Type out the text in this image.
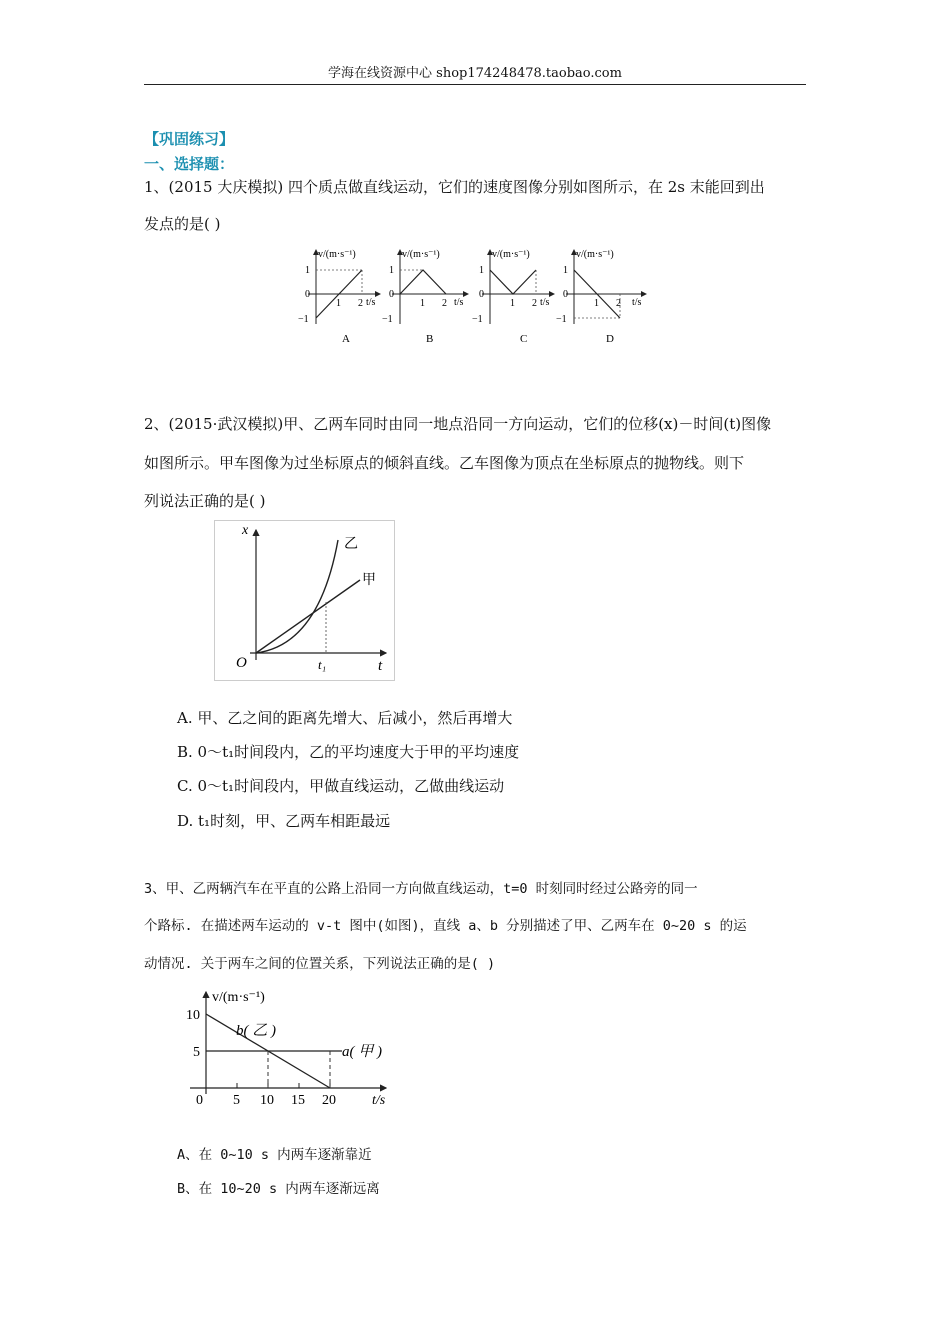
学海在线资源中心 shop174248478.taobao.com
【巩固练习】
一、选择题：
1、(2015 大庆模拟) 四个质点做直线运动，它们的速度图像分别如图所示，在 2s 末能回到出
发点的是( )
v/(m·s⁻¹)
t/s
1
0
−1
1 2
A
v/(m·s⁻¹)
t/s
1
0
−1
1 2
B
v/(m·s⁻¹)
t/s
1
0
−1
1 2
C
v/(m·s⁻¹)
t/s
1
0
−1
1 2
D
2、(2015·武汉模拟)甲、乙两车同时由同一地点沿同一方向运动，它们的位移(x)－时间(t)图像
如图所示。甲车图像为过坐标原点的倾斜直线。乙车图像为顶点在坐标原点的抛物线。则下
列说法正确的是( )
x
t
O	t₁
乙
甲
A. 甲、乙之间的距离先增大、后减小，然后再增大
B. 0～t₁时间段内，乙的平均速度大于甲的平均速度
C. 0～t₁时间段内，甲做直线运动，乙做曲线运动
D. t₁时刻，甲、乙两车相距最远
3、甲、乙两辆汽车在平直的公路上沿同一方向做直线运动，t=0 时刻同时经过公路旁的同一
个路标. 在描述两车运动的 v-t 图中(如图)，直线 a、b 分别描述了甲、乙两车在 0~20 s 的运
动情况. 关于两车之间的位置关系，下列说法正确的是( )
v/(m·s⁻¹)
t/s
10
5
0 5 10 15 20
b( 乙 )
a( 甲 )
A、在 0~10 s 内两车逐渐靠近
B、在 10~20 s 内两车逐渐远离
